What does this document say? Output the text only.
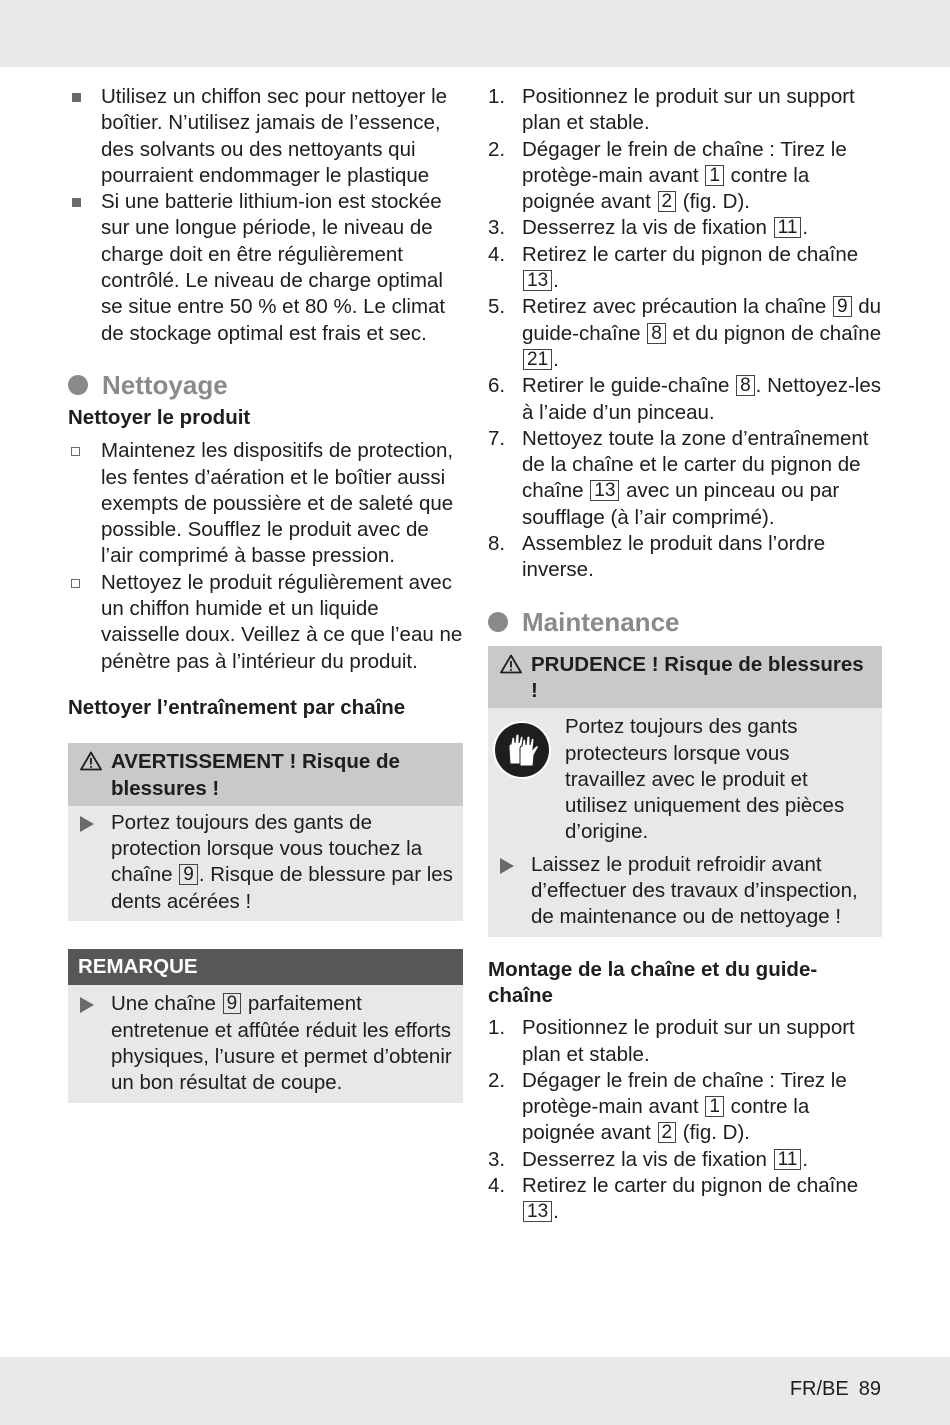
Utilisez un chiffon sec pour nettoyer le boîtier. N’utilisez jamais de l’essence, des solvants ou des nettoyants qui pourraient endommager le plastique
Si une batterie lithium-ion est stockée sur une longue période, le niveau de charge doit en être régulièrement contrôlé. Le niveau de charge optimal se situe entre 50 % et 80 %. Le climat de stockage optimal est frais et sec.
Nettoyage
Nettoyer le produit
Maintenez les dispositifs de protection, les fentes d’aération et le boîtier aussi exempts de poussière et de saleté que possible. Soufflez le produit avec de l’air comprimé à basse pression.
Nettoyez le produit régulièrement avec un chiffon humide et un liquide vaisselle doux. Veillez à ce que l’eau ne pénètre pas à l’intérieur du produit.
Nettoyer l’entraînement par chaîne
AVERTISSEMENT ! Risque de blessures !
Portez toujours des gants de protection lorsque vous touchez la chaîne 9 . Risque de blessure par les dents acérées !
REMARQUE
Une chaîne 9 parfaitement entretenue et affûtée réduit les efforts physiques, l’usure et permet d’obtenir un bon résultat de coupe.
1. Positionnez le produit sur un support plan et stable.
2. Dégager le frein de chaîne : Tirez le protège-main avant 1 contre la poignée avant 2 (fig. D).
3. Desserrez la vis de fixation 11 .
4. Retirez le carter du pignon de chaîne 13 .
5. Retirez avec précaution la chaîne 9 du guide-chaîne 8 et du pignon de chaîne 21 .
6. Retirer le guide-chaîne 8 . Nettoyez-les à l’aide d’un pinceau.
7. Nettoyez toute la zone d’entraînement de la chaîne et le carter du pignon de chaîne 13 avec un pinceau ou par soufflage (à l’air comprimé).
8. Assemblez le produit dans l’ordre inverse.
Maintenance
PRUDENCE ! Risque de blessures !
Portez toujours des gants protecteurs lorsque vous travaillez avec le produit et utilisez uniquement des pièces d’origine.
Laissez le produit refroidir avant d’effectuer des travaux d’inspection, de maintenance ou de nettoyage !
Montage de la chaîne et du guide-chaîne
1. Positionnez le produit sur un support plan et stable.
2. Dégager le frein de chaîne : Tirez le protège-main avant 1 contre la poignée avant 2 (fig. D).
3. Desserrez la vis de fixation 11 .
4. Retirez le carter du pignon de chaîne 13 .
FR/BE 89
